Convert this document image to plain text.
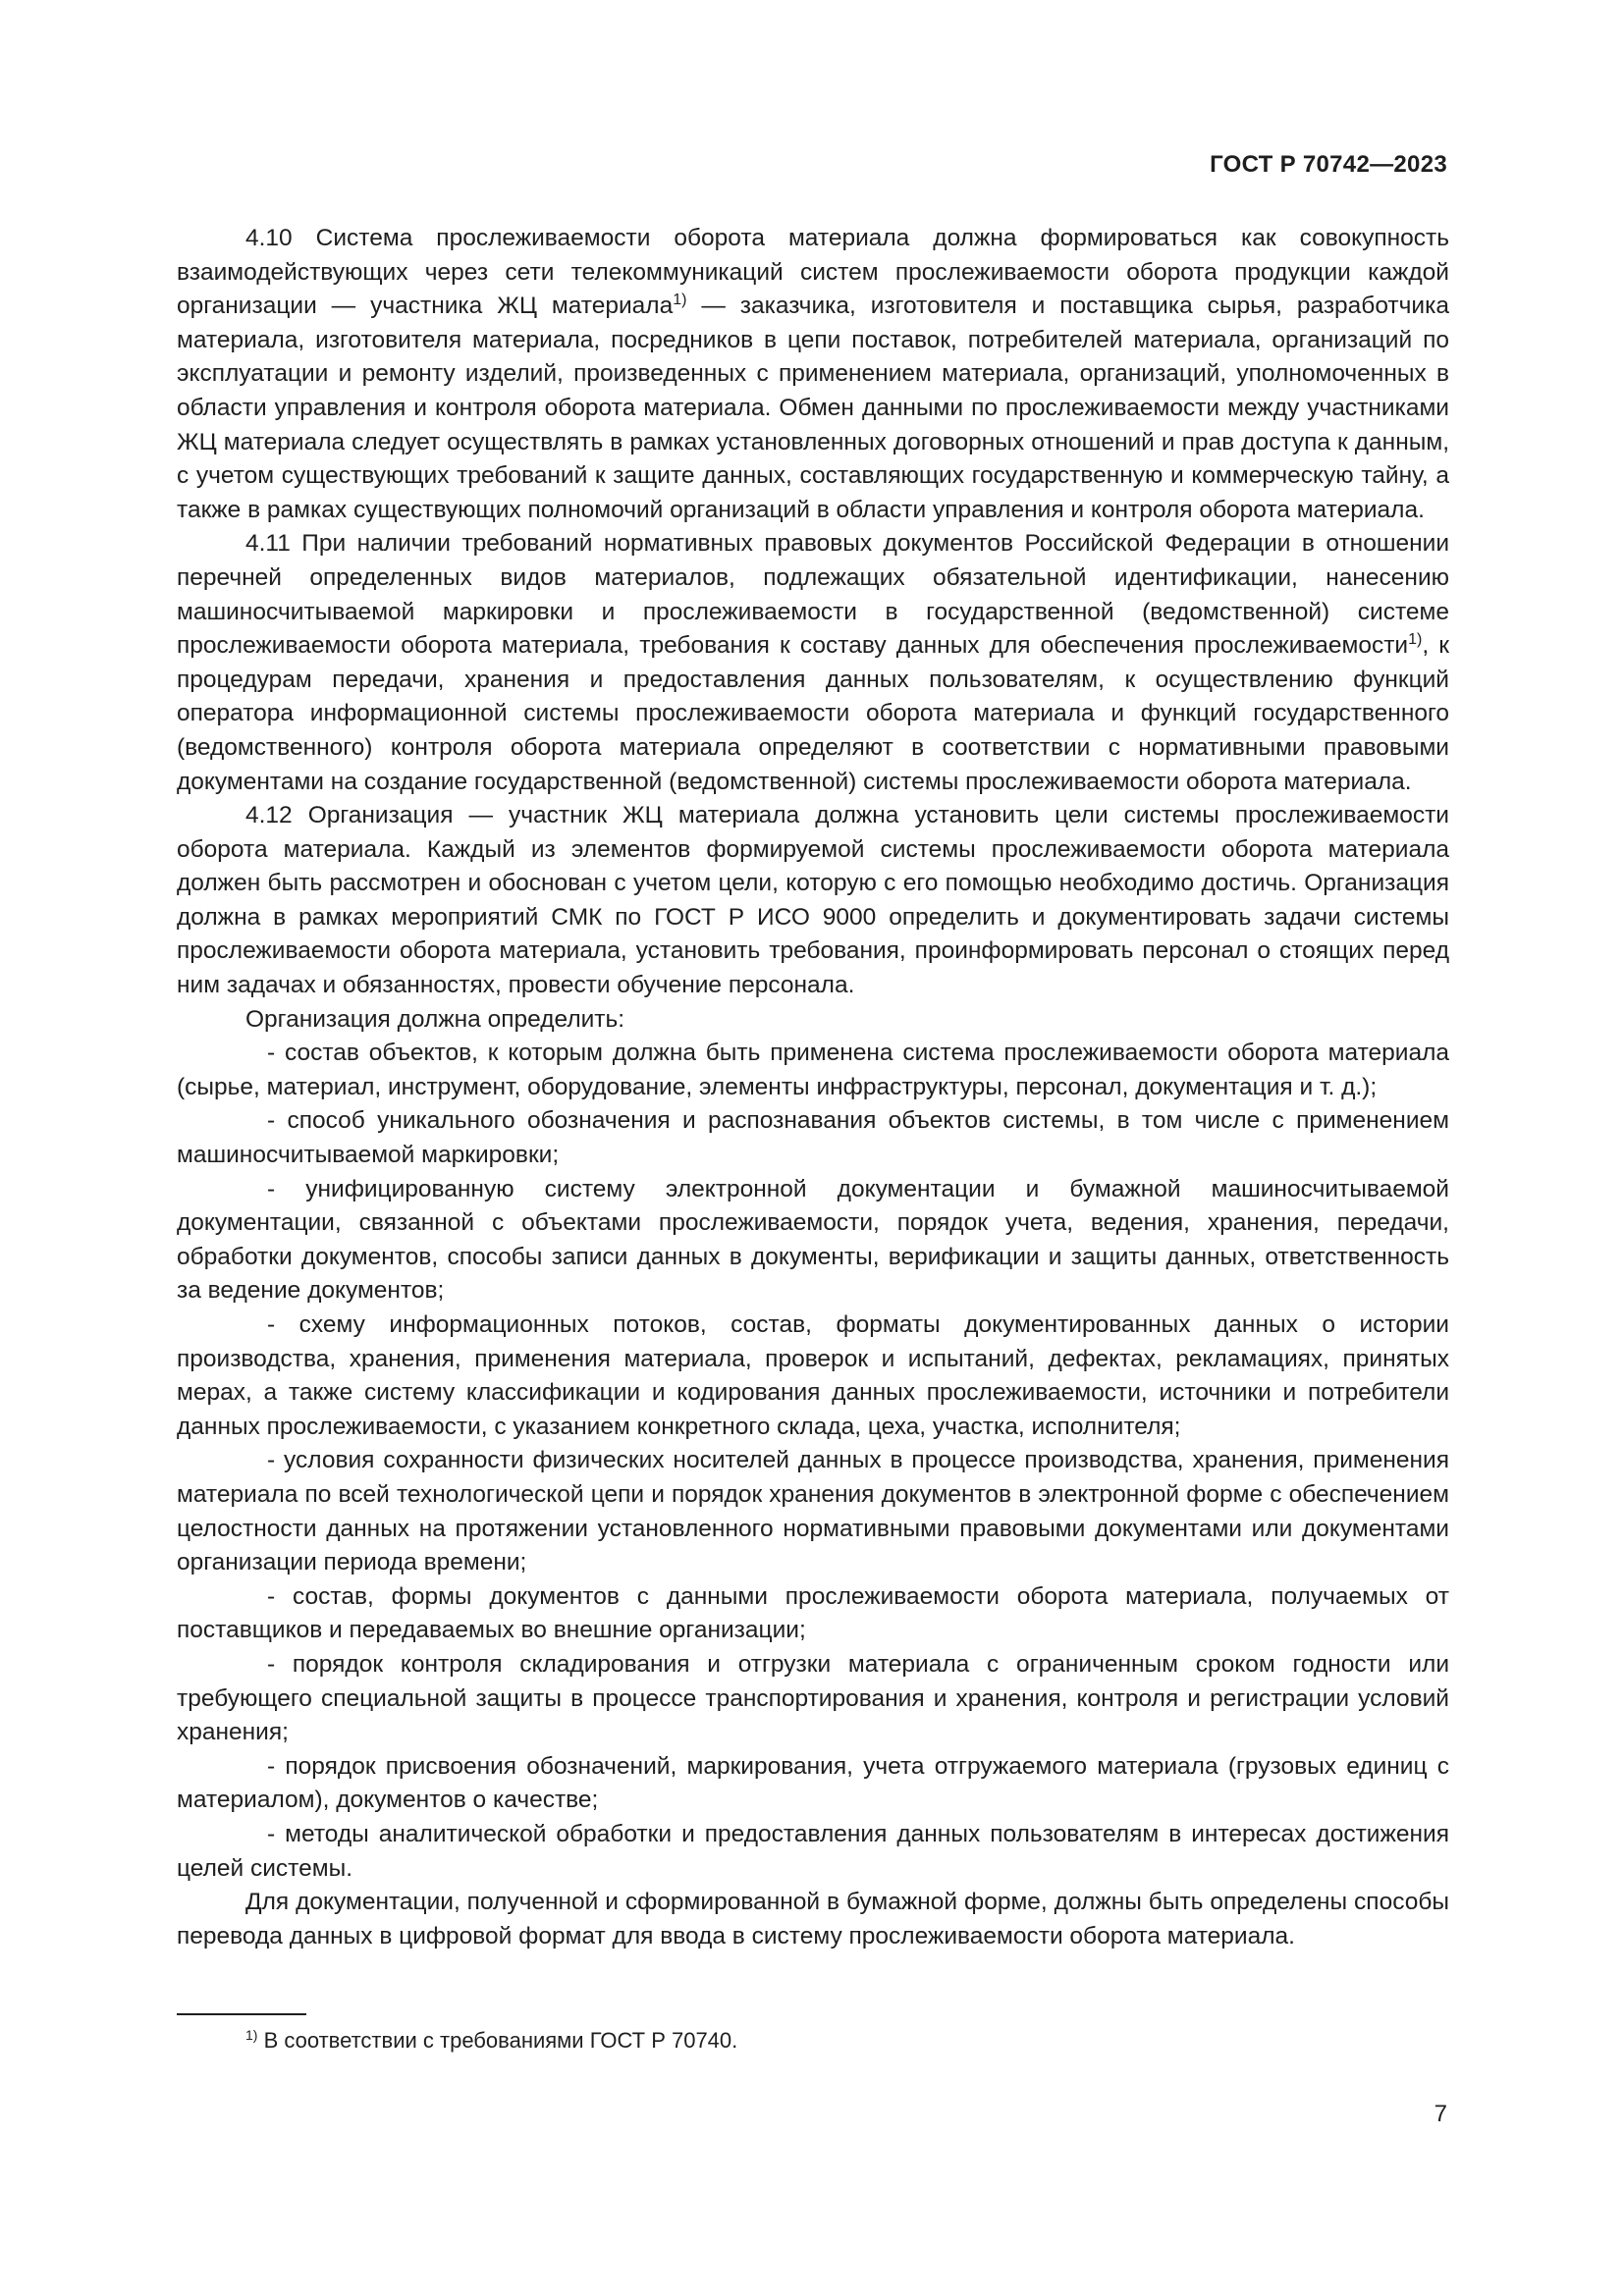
ГОСТ Р 70742—2023

4.10 Система прослеживаемости оборота материала должна формироваться как совокупность взаимодействующих через сети телекоммуникаций систем прослеживаемости оборота продукции каждой организации — участника ЖЦ материала$^{1)}$ — заказчика, изготовителя и поставщика сырья, разработчика материала, изготовителя материала, посредников в цепи поставок, потребителей материала, организаций по эксплуатации и ремонту изделий, произведенных с применением материала, организаций, уполномоченных в области управления и контроля оборота материала. Обмен данными по прослеживаемости между участниками ЖЦ материала следует осуществлять в рамках установленных договорных отношений и прав доступа к данным, с учетом существующих требований к защите данных, составляющих государственную и коммерческую тайну, а также в рамках существующих полномочий организаций в области управления и контроля оборота материала.

4.11 При наличии требований нормативных правовых документов Российской Федерации в отношении перечней определенных видов материалов, подлежащих обязательной идентификации, нанесению машиносчитываемой маркировки и прослеживаемости в государственной (ведомственной) системе прослеживаемости оборота материала, требования к составу данных для обеспечения прослеживаемости$^{1)}$, к процедурам передачи, хранения и предоставления данных пользователям, к осуществлению функций оператора информационной системы прослеживаемости оборота материала и функций государственного (ведомственного) контроля оборота материала определяют в соответствии с нормативными правовыми документами на создание государственной (ведомственной) системы прослеживаемости оборота материала.

4.12 Организация — участник ЖЦ материала должна установить цели системы прослеживаемости оборота материала. Каждый из элементов формируемой системы прослеживаемости оборота материала должен быть рассмотрен и обоснован с учетом цели, которую с его помощью необходимо достичь. Организация должна в рамках мероприятий СМК по ГОСТ Р ИСО 9000 определить и документировать задачи системы прослеживаемости оборота материала, установить требования, проинформировать персонал о стоящих перед ним задачах и обязанностях, провести обучение персонала.

Организация должна определить:

- состав объектов, к которым должна быть применена система прослеживаемости оборота материала (сырье, материал, инструмент, оборудование, элементы инфраструктуры, персонал, документация и т. д.);

- способ уникального обозначения и распознавания объектов системы, в том числе с применением машиносчитываемой маркировки;

- унифицированную систему электронной документации и бумажной машиносчитываемой документации, связанной с объектами прослеживаемости, порядок учета, ведения, хранения, передачи, обработки документов, способы записи данных в документы, верификации и защиты данных, ответственность за ведение документов;

- схему информационных потоков, состав, форматы документированных данных о истории производства, хранения, применения материала, проверок и испытаний, дефектах, рекламациях, принятых мерах, а также систему классификации и кодирования данных прослеживаемости, источники и потребители данных прослеживаемости, с указанием конкретного склада, цеха, участка, исполнителя;

- условия сохранности физических носителей данных в процессе производства, хранения, применения материала по всей технологической цепи и порядок хранения документов в электронной форме с обеспечением целостности данных на протяжении установленного нормативными правовыми документами или документами организации периода времени;

- состав, формы документов с данными прослеживаемости оборота материала, получаемых от поставщиков и передаваемых во внешние организации;

- порядок контроля складирования и отгрузки материала с ограниченным сроком годности или требующего специальной защиты в процессе транспортирования и хранения, контроля и регистрации условий хранения;

- порядок присвоения обозначений, маркирования, учета отгружаемого материала (грузовых единиц с материалом), документов о качестве;

- методы аналитической обработки и предоставления данных пользователям в интересах достижения целей системы.

Для документации, полученной и сформированной в бумажной форме, должны быть определены способы перевода данных в цифровой формат для ввода в систему прослеживаемости оборота материала.

$^{1)}$ В соответствии с требованиями ГОСТ Р 70740.
7
